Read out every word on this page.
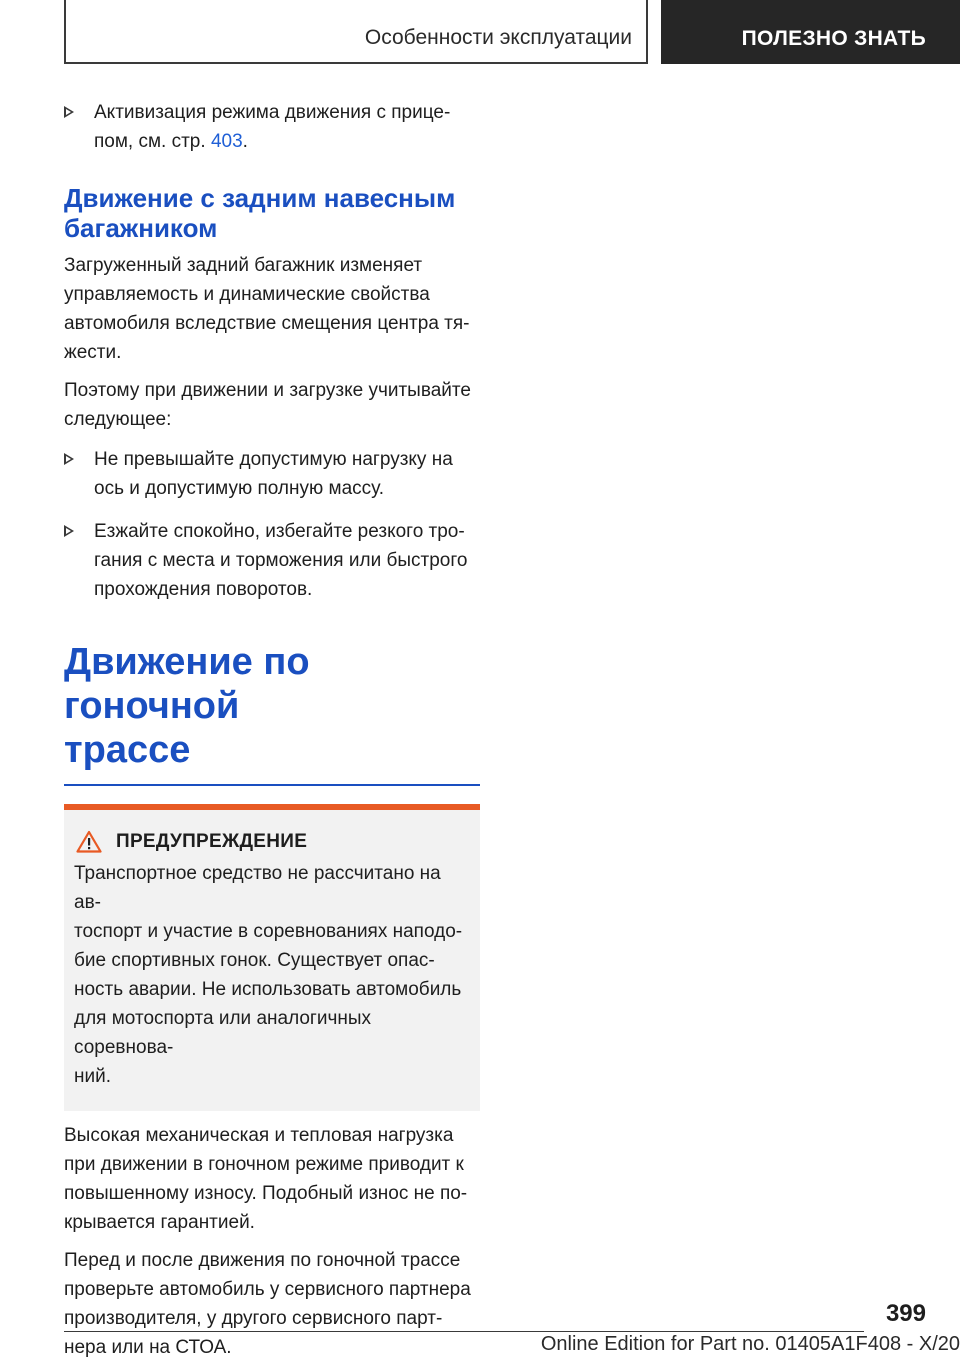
Особенности эксплуатации	ПОЛЕЗНО ЗНАТЬ
Активизация режима движения с прице-
пом, см. стр. 403.
Движение с задним навесным
багажником
Загруженный задний багажник изменяет
управляемость и динамические свойства
автомобиля вследствие смещения центра тя-
жести.
Поэтому при движении и загрузке учитывайте
следующее:
Не превышайте допустимую нагрузку на
ось и допустимую полную массу.
Езжайте спокойно, избегайте резкого тро-
гания с места и торможения или быстрого
прохождения поворотов.
Движение по гоночной
трассе
ПРЕДУПРЕЖДЕНИЕ
Транспортное средство не рассчитано на ав-
тоспорт и участие в соревнованиях наподо-
бие спортивных гонок. Существует опас-
ность аварии. Не использовать автомобиль
для мотоспорта или аналогичных соревнова-
ний.
Высокая механическая и тепловая нагрузка
при движении в гоночном режиме приводит к
повышенному износу. Подобный износ не по-
крывается гарантией.
Перед и после движения по гоночной трассе
проверьте автомобиль у сервисного партнера
производителя, у другого сервисного парт-
нера или на СТОА.
399
Online Edition for Part no. 01405A1F408 - X/20
